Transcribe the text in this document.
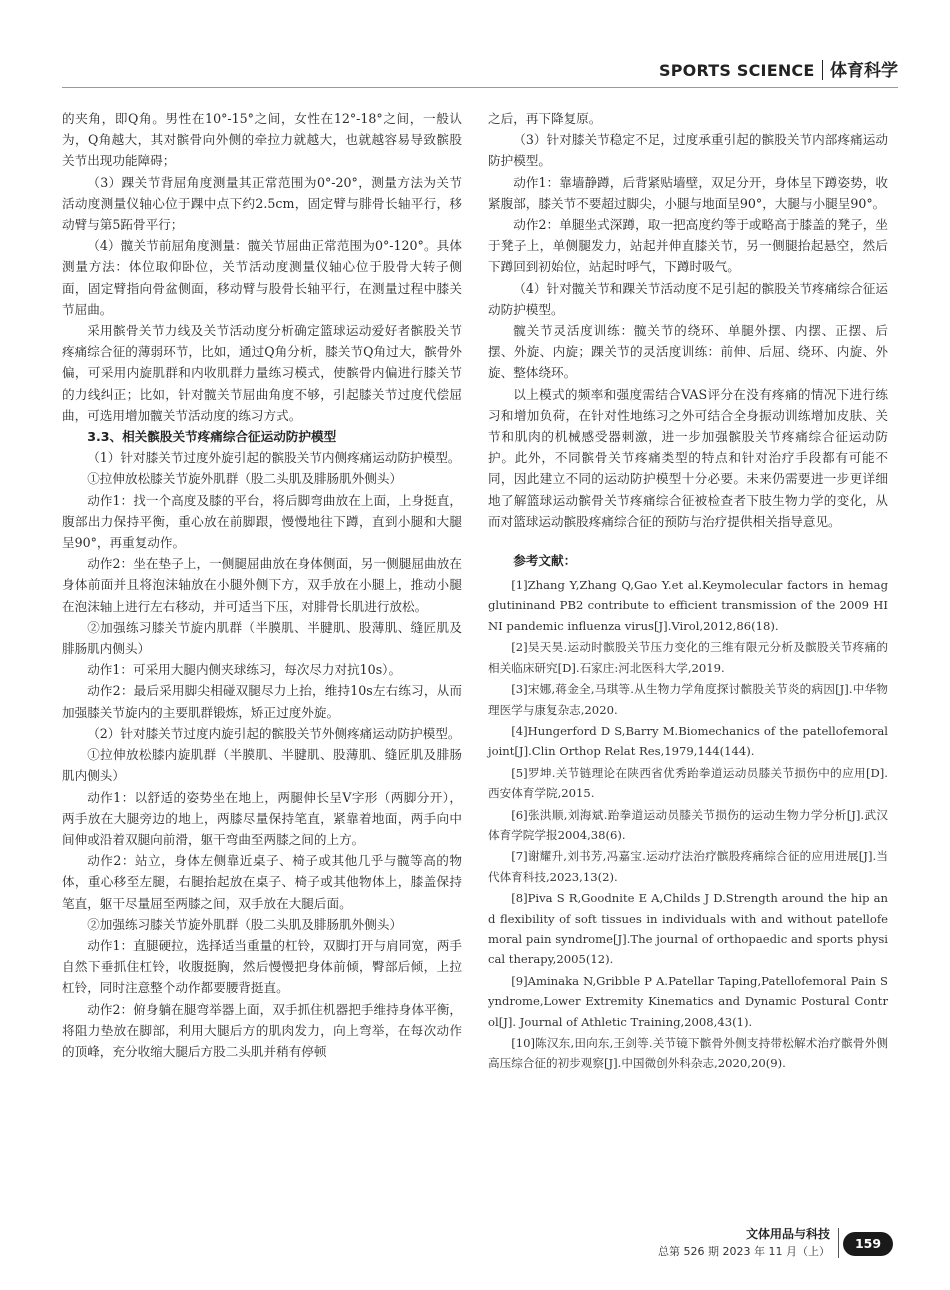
SPORTS SCIENCE 体育科学
的夹角，即Q角。男性在10°-15°之间，女性在12°-18°之间，一般认为，Q角越大，其对髌骨向外侧的牵拉力就越大，也就越容易导致髌股关节出现功能障碍；
（3）踝关节背屈角度测量其正常范围为0°-20°，测量方法为关节活动度测量仪轴心位于踝中点下约2.5cm，固定臂与腓骨长轴平行，移动臂与第5跖骨平行；
（4）髋关节前屈角度测量：髋关节屈曲正常范围为0°-120°。具体测量方法：体位取仰卧位，关节活动度测量仪轴心位于股骨大转子侧面，固定臂指向骨盆侧面，移动臂与股骨长轴平行，在测量过程中膝关节屈曲。
采用髌骨关节力线及关节活动度分析确定篮球运动爱好者髌股关节疼痛综合征的薄弱环节，比如，通过Q角分析，膝关节Q角过大，髌骨外偏，可采用内旋肌群和内收肌群力量练习模式，使髌骨内偏进行膝关节的力线纠正；比如，针对髋关节屈曲角度不够，引起膝关节过度代偿屈曲，可选用增加髋关节活动度的练习方式。
3.3、相关髌股关节疼痛综合征运动防护模型
（1）针对膝关节过度外旋引起的髌股关节内侧疼痛运动防护模型。
①拉伸放松膝关节旋外肌群（股二头肌及腓肠肌外侧头）
动作1：找一个高度及膝的平台，将后脚弯曲放在上面，上身挺直，腹部出力保持平衡，重心放在前脚跟，慢慢地往下蹲，直到小腿和大腿呈90°，再重复动作。
动作2：坐在垫子上，一侧腿屈曲放在身体侧面，另一侧腿屈曲放在身体前面并且将泡沫轴放在小腿外侧下方，双手放在小腿上，推动小腿在泡沫轴上进行左右移动，并可适当下压，对腓骨长肌进行放松。
②加强练习膝关节旋内肌群（半膜肌、半腱肌、股薄肌、缝匠肌及腓肠肌内侧头）
动作1：可采用大腿内侧夹球练习，每次尽力对抗10s）。
动作2：最后采用脚尖相碰双腿尽力上抬，维持10s左右练习，从而加强膝关节旋内的主要肌群锻炼，矫正过度外旋。
（2）针对膝关节过度内旋引起的髌股关节外侧疼痛运动防护模型。
①拉伸放松膝内旋肌群（半膜肌、半腱肌、股薄肌、缝匠肌及腓肠肌内侧头）
动作1：以舒适的姿势坐在地上，两腿伸长呈V字形（两脚分开），两手放在大腿旁边的地上，两膝尽量保持笔直，紧靠着地面，两手向中间伸或沿着双腿向前滑，躯干弯曲至两膝之间的上方。
动作2：站立，身体左侧靠近桌子、椅子或其他几乎与髋等高的物体，重心移至左腿，右腿抬起放在桌子、椅子或其他物体上，膝盖保持笔直，躯干尽量屈至两膝之间，双手放在大腿后面。
②加强练习膝关节旋外肌群（股二头肌及腓肠肌外侧头）
动作1：直腿硬拉，选择适当重量的杠铃，双脚打开与肩同宽，两手自然下垂抓住杠铃，收腹挺胸，然后慢慢把身体前倾，臀部后倾，上拉杠铃，同时注意整个动作都要腰背挺直。
动作2：俯身躺在腿弯举器上面，双手抓住机器把手维持身体平衡，将阻力垫放在脚部，利用大腿后方的肌肉发力，向上弯举，在每次动作的顶峰，充分收缩大腿后方股二头肌并稍有停顿
之后，再下降复原。
（3）针对膝关节稳定不足，过度承重引起的髌股关节内部疼痛运动防护模型。
动作1：靠墙静蹲，后背紧贴墙壁，双足分开，身体呈下蹲姿势，收紧腹部，膝关节不要超过脚尖，小腿与地面呈90°，大腿与小腿呈90°。
动作2：单腿坐式深蹲，取一把高度约等于或略高于膝盖的凳子，坐于凳子上，单侧腿发力，站起并伸直膝关节，另一侧腿抬起悬空，然后下蹲回到初始位，站起时呼气，下蹲时吸气。
（4）针对髋关节和踝关节活动度不足引起的髌股关节疼痛综合征运动防护模型。
髋关节灵活度训练：髋关节的绕环、单腿外摆、内摆、正摆、后摆、外旋、内旋；踝关节的灵活度训练：前伸、后屈、绕环、内旋、外旋、整体绕环。
以上模式的频率和强度需结合VAS评分在没有疼痛的情况下进行练习和增加负荷，在针对性地练习之外可结合全身振动训练增加皮肤、关节和肌肉的机械感受器刺激，进一步加强髌股关节疼痛综合征运动防护。此外，不同髌骨关节疼痛类型的特点和针对治疗手段都有可能不同，因此建立不同的运动防护模型十分必要。未来仍需要进一步更详细地了解篮球运动髌骨关节疼痛综合征被检查者下肢生物力学的变化，从而对篮球运动髌股疼痛综合征的预防与治疗提供相关指导意见。
参考文献：
[1]Zhang Y,Zhang Q,Gao Y.et al.Keymolecular factors in hemag glutininand PB2 contribute to efficient transmission of the 2009 HINI pandemic influenza virus[J].Virol,2012,86(18).
[2]吴天昊.运动时髌股关节压力变化的三维有限元分析及髌股关节疼痛的相关临床研究[D].石家庄:河北医科大学,2019.
[3]宋娜,蒋金全,马琪等.从生物力学角度探讨髌股关节炎的病因[J].中华物理医学与康复杂志,2020.
[4]Hungerford D S,Barry M.Biomechanics of the patellofemoral joint[J].Clin Orthop Relat Res,1979,144(144).
[5]罗坤.关节链理论在陕西省优秀跆拳道运动员膝关节损伤中的应用[D].西安体育学院,2015.
[6]张洪顺,刘海斌.跆拳道运动员膝关节损伤的运动生物力学分析[J].武汉体育学院学报2004,38(6).
[7]谢耀升,刘书芳,冯嘉宝.运动疗法治疗髌股疼痛综合征的应用进展[J].当代体育科技,2023,13(2).
[8]Piva S R,Goodnite E A,Childs J D.Strength around the hip and flexibility of soft tissues in individuals with and without patellofemoral pain syndrome[J].The journal of orthopaedic and sports physical therapy,2005(12).
[9]Aminaka N,Gribble P A.Patellar Taping,Patellofemoral Pain Syndrome,Lower Extremity Kinematics and Dynamic Postural Control[J]. Journal of Athletic Training,2008,43(1).
[10]陈汉东,田向东,王剑等.关节镜下髌骨外侧支持带松解术治疗髌骨外侧高压综合征的初步观察[J].中国微创外科杂志,2020,20(9).
文体用品与科技
总第 526 期 2023 年 11 月（上）
159
